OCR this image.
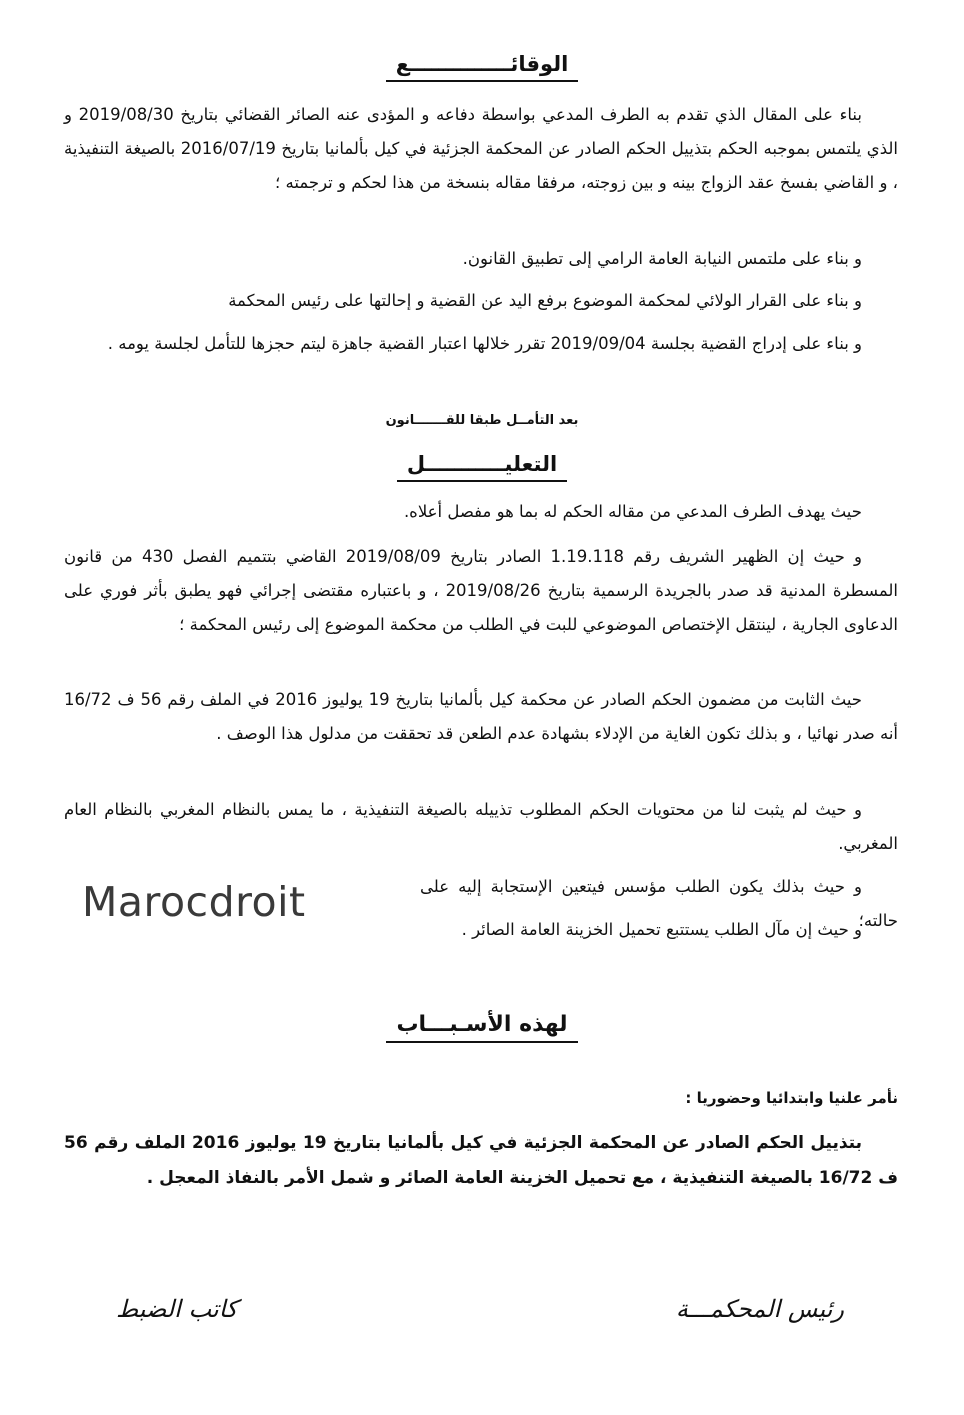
الوقائــــــــــــــع
بناء على المقال الذي تقدم به الطرف المدعي بواسطة دفاعه و المؤدى عنه الصائر القضائي بتاريخ 2019/08/30 و الذي يلتمس بموجبه الحكم بتذييل الحكم الصادر عن المحكمة الجزئية في كيل بألمانيا بتاريخ 2016/07/19 بالصيغة التنفيذية ، و القاضي بفسخ عقد الزواج بينه و بين زوجته، مرفقا مقاله بنسخة من هذا لحكم و ترجمته ؛
و بناء على ملتمس النيابة العامة الرامي إلى تطبيق القانون.
و بناء على القرار الولائي لمحكمة الموضوع برفع اليد عن القضية و إحالتها على رئيس المحكمة
و بناء على إدراج القضية بجلسة 2019/09/04 تقرر خلالها اعتبار القضية جاهزة ليتم حجزها للتأمل لجلسة يومه .
بعد التأمــل طبقا للقـــــــانون
التعليـــــــــــل
حيث يهدف الطرف المدعي من مقاله الحكم له بما هو مفصل أعلاه.
و حيث إن الظهير الشريف رقم 1.19.118 الصادر بتاريخ 2019/08/09 القاضي بتتميم الفصل 430 من قانون المسطرة المدنية قد صدر بالجريدة الرسمية بتاريخ 2019/08/26 ، و باعتباره مقتضى إجرائي فهو يطبق بأثر فوري على الدعاوى الجارية ، لينتقل الإختصاص الموضوعي للبت في الطلب من محكمة الموضوع إلى رئيس المحكمة ؛
حيث الثابت من مضمون الحكم الصادر عن محكمة كيل بألمانيا بتاريخ 19 يوليوز 2016 في الملف رقم 56 ف 16/72 أنه صدر نهائيا ، و بذلك تكون الغاية من الإدلاء بشهادة عدم الطعن قد تحققت من مدلول هذا الوصف .
و حيث لم يثبت لنا من محتويات الحكم المطلوب تذييله بالصيغة التنفيذية ، ما يمس بالنظام المغربي بالنظام العام المغربي.
و حيث بذلك يكون الطلب مؤسس فيتعين الإستجابة إليه على حالته؛
و حيث إن مآل الطلب يستتبع تحميل الخزينة العامة الصائر .
Marocdroit
لهذه الأسـبـــاب
نأمر علنيا وابتدائيا وحضوريا :
بتذييل الحكم الصادر عن المحكمة الجزئية في كيل بألمانيا بتاريخ 19 يوليوز 2016 الملف رقم 56 ف 16/72 بالصيغة التنفيذية ، مع تحميل الخزينة العامة الصائر و شمل الأمر بالنفاذ المعجل .
رئيس المحكمـــة
كاتب الضبط
